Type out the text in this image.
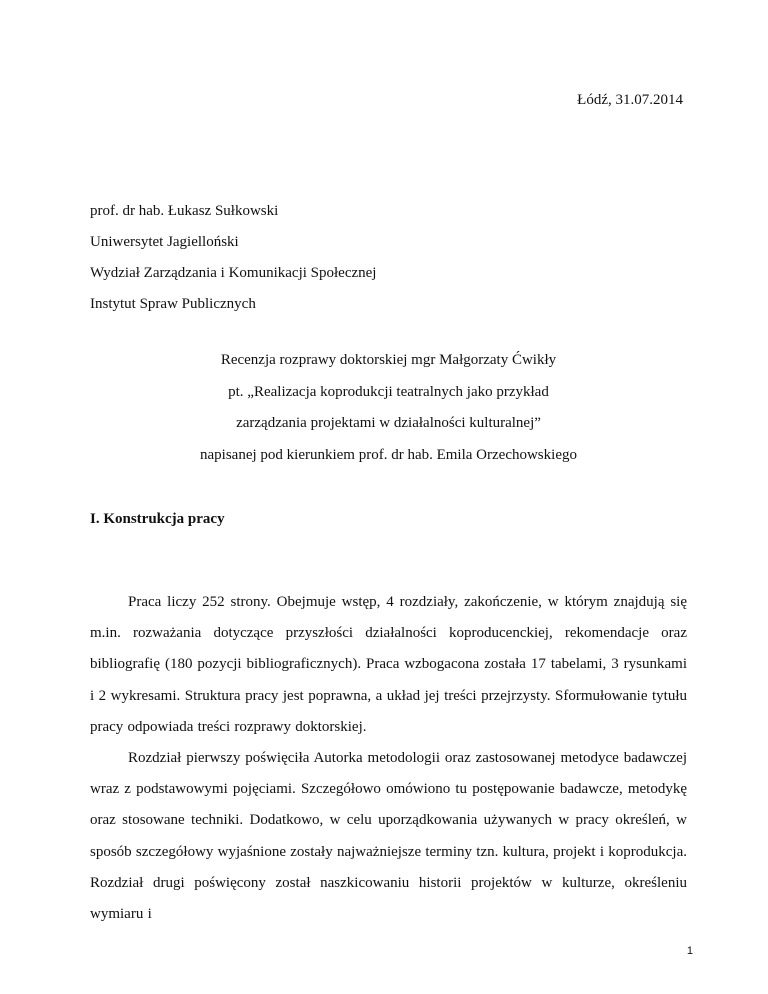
Łódź, 31.07.2014
prof. dr hab. Łukasz Sułkowski
Uniwersytet Jagielloński
Wydział Zarządzania i Komunikacji Społecznej
Instytut Spraw Publicznych
Recenzja rozprawy doktorskiej mgr Małgorzaty Ćwikły
pt. „Realizacja koprodukcji teatralnych jako przykład
zarządzania projektami w działalności kulturalnej”
napisanej pod kierunkiem prof. dr hab. Emila Orzechowskiego
I. Konstrukcja pracy

Praca liczy 252 strony. Obejmuje wstęp, 4 rozdziały, zakończenie, w którym znajdują się m.in. rozważania dotyczące przyszłości działalności koproducenckiej, rekomendacje oraz bibliografię (180 pozycji bibliograficznych). Praca wzbogacona została 17 tabelami, 3 rysunkami i 2 wykresami. Struktura pracy jest poprawna, a układ jej treści przejrzysty. Sformułowanie tytułu pracy odpowiada treści rozprawy doktorskiej.

Rozdział pierwszy poświęciła Autorka metodologii oraz zastosowanej metodyce badawczej wraz z podstawowymi pojęciami. Szczegółowo omówiono tu postępowanie badawcze, metodykę oraz stosowane techniki. Dodatkowo, w celu uporządkowania używanych w pracy określeń, w sposób szczegółowy wyjaśnione zostały najważniejsze terminy tzn. kultura, projekt i koprodukcja. Rozdział drugi poświęcony został naszkicowaniu historii projektów w kulturze, określeniu wymiaru i

1
